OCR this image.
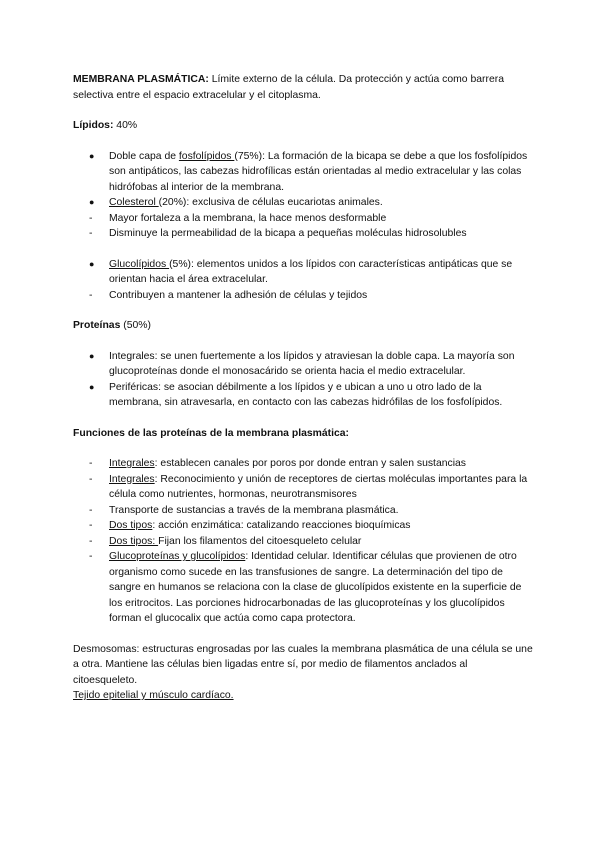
MEMBRANA PLASMÁTICA: Límite externo de la célula. Da protección y actúa como barrera selectiva entre el espacio extracelular y el citoplasma.

Lípidos: 40%

● Doble capa de fosfolípidos (75%): La formación de la bicapa se debe a que los fosfolípidos son antipáticos, las cabezas hidrofílicas están orientadas al medio extracelular y las colas hidrófobas al interior de la membrana.
● Colesterol (20%): exclusiva de células eucariotas animales.
- Mayor fortaleza a la membrana, la hace menos desformable
- Disminuye la permeabilidad de la bicapa a pequeñas moléculas hidrosolubles
● Glucolípidos (5%): elementos unidos a los lípidos con características antipáticas que se orientan hacia el área extracelular.
- Contribuyen a mantener la adhesión de células y tejidos

Proteínas (50%)

● Integrales: se unen fuertemente a los lípidos y atraviesan la doble capa. La mayoría son glucoproteínas donde el monosacárido se orienta hacia el medio extracelular.
● Periféricas: se asocian débilmente a los lípidos y e ubican a uno u otro lado de la membrana, sin atravesarla, en contacto con las cabezas hidrófilas de los fosfolípidos.

Funciones de las proteínas de la membrana plasmática:

- Integrales: establecen canales por poros por donde entran y salen sustancias
- Integrales: Reconocimiento y unión de receptores de ciertas moléculas importantes para la célula como nutrientes, hormonas, neurotransmisores
- Transporte de sustancias a través de la membrana plasmática.
- Dos tipos: acción enzimática: catalizando reacciones bioquímicas
- Dos tipos: Fijan los filamentos del citoesqueleto celular
- Glucoproteínas y glucolípidos: Identidad celular. Identificar células que provienen de otro organismo como sucede en las transfusiones de sangre. La determinación del tipo de sangre en humanos se relaciona con la clase de glucolípidos existente en la superficie de los eritrocitos. Las porciones hidrocarbonadas de las glucoproteínas y los glucolípidos forman el glucocalix que actúa como capa protectora.

Desmosomas: estructuras engrosadas por las cuales la membrana plasmática de una célula se une a otra. Mantiene las células bien ligadas entre sí, por medio de filamentos anclados al citoesqueleto.
Tejido epitelial y músculo cardíaco.
